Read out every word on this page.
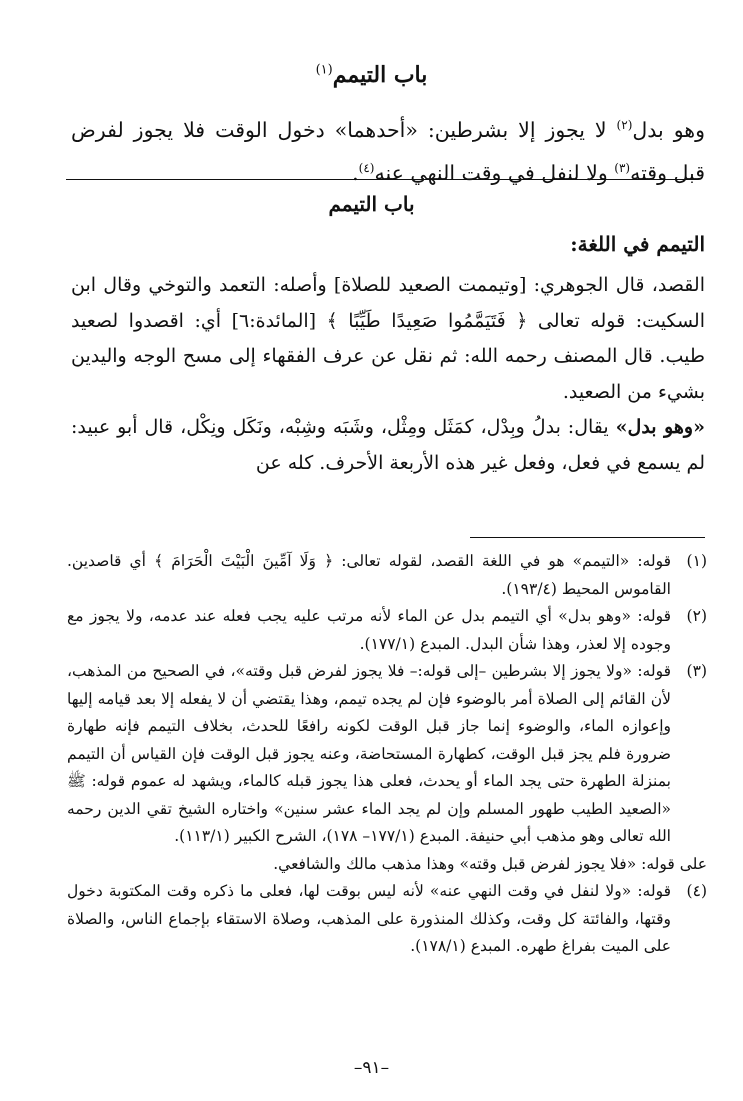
باب التيمم$^{(١)}$
وهو بدل$^{(٢)}$ لا يجوز إلا بشرطين: «أحدهما» دخول الوقت فلا يجوز لفرض قبل وقته$^{(٣)}$ ولا لنفل في وقت النهي عنه$^{(٤)}$.
باب التيمم
التيمم في اللغة:

القصد، قال الجوهري: [وتيممت الصعيد للصلاة] وأصله: التعمد والتوخي وقال ابن السكيت: قوله تعالى ﴿ فَتَيَمَّمُوا صَعِيدًا طَيِّبًا ﴾ [المائدة:٦] أي: اقصدوا لصعيد طيب. قال المصنف رحمه الله: ثم نقل عن عرف الفقهاء إلى مسح الوجه واليدين بشيء من الصعيد.

«وهو بدل» يقال: بدلُ وبِدْل، كمَثَل ومِثْل، وشَبَه وشِبْه، ونَكَل ونِكْل، قال أبو عبيد: لم يسمع في فعل، وفعل غير هذه الأربعة الأحرف. كله عن

(١)
قوله: «التيمم» هو في اللغة القصد، لقوله تعالى: ﴿ وَلَا آمِّينَ الْبَيْتَ الْحَرَامَ ﴾ أي قاصدين. القاموس المحيط (١٩٣/٤).
(٢)
قوله: «وهو بدل» أي التيمم بدل عن الماء لأنه مرتب عليه يجب فعله عند عدمه، ولا يجوز مع وجوده إلا لعذر، وهذا شأن البدل. المبدع (١٧٧/١).
(٣)
قوله: «ولا يجوز إلا بشرطين –إلى قوله:– فلا يجوز لفرض قبل وقته»، في الصحيح من المذهب، لأن القائم إلى الصلاة أمر بالوضوء فإن لم يجده تيمم، وهذا يقتضي أن لا يفعله إلا بعد قيامه إليها وإعوازه الماء، والوضوء إنما جاز قبل الوقت لكونه رافعًا للحدث، بخلاف التيمم فإنه طهارة ضرورة فلم يجز قبل الوقت، كطهارة المستحاضة، وعنه يجوز قبل الوقت فإن القياس أن التيمم بمنزلة الطهرة حتى يجد الماء أو يحدث، فعلى هذا يجوز قبله كالماء، ويشهد له عموم قوله: ﷺ «الصعيد الطيب طهور المسلم وإن لم يجد الماء عشر سنين» واختاره الشيخ تقي الدين رحمه الله تعالى وهو مذهب أبي حنيفة. المبدع (١٧٧/١– ١٧٨)، الشرح الكبير (١١٣/١).

على قوله: «فلا يجوز لفرض قبل وقته» وهذا مذهب مالك والشافعي.

(٤)
قوله: «ولا لنفل في وقت النهي عنه» لأنه ليس بوقت لها، فعلى ما ذكره وقت المكتوبة دخول وقتها، والفائتة كل وقت، وكذلك المنذورة على المذهب، وصلاة الاستقاء بإجماع الناس، والصلاة على الميت بفراغ طهره. المبدع (١٧٨/١).
–٩١–
